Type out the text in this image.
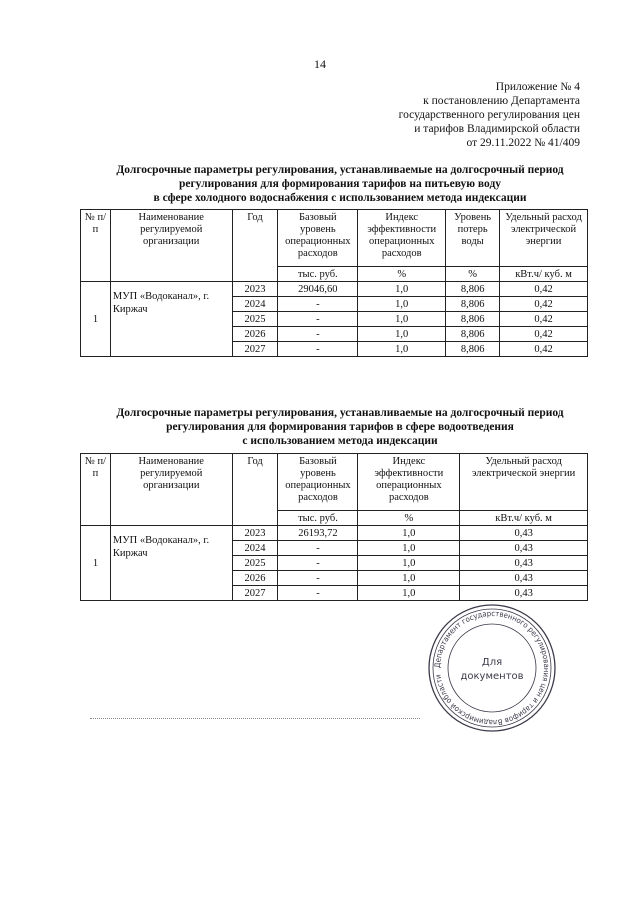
14
Приложение № 4
к постановлению Департамента
государственного регулирования цен
и тарифов Владимирской области
от 29.11.2022 № 41/409
Долгосрочные параметры регулирования, устанавливаемые на долгосрочный период
регулирования для формирования тарифов на питьевую воду
в сфере холодного водоснабжения с использованием метода индексации
№ п/п	Наименование регулируемой организации	Год	Базовый уровень операционных расходов	Индекс эффективности операционных расходов	Уровень потерь воды	Удельный расход электрической энергии
			тыс. руб.	%	%	кВт.ч/ куб. м
1	МУП «Водоканал», г. Киржач	2023	29046,60	1,0	8,806	0,42
		2024	-	1,0	8,806	0,42
		2025	-	1,0	8,806	0,42
		2026	-	1,0	8,806	0,42
		2027	-	1,0	8,806	0,42
Долгосрочные параметры регулирования, устанавливаемые на долгосрочный период
регулирования для формирования тарифов в сфере водоотведения
с использованием метода индексации
№ п/п	Наименование регулируемой организации	Год	Базовый уровень операционных расходов	Индекс эффективности операционных расходов	Удельный расход электрической энергии
			тыс. руб.	%	кВт.ч/ куб. м
1	МУП «Водоканал», г. Киржач	2023	26193,72	1,0	0,43
		2024	-	1,0	0,43
		2025	-	1,0	0,43
		2026	-	1,0	0,43
		2027	-	1,0	0,43
Департамент государственного регулирования цен и тарифов Владимирской области
Для
документов
